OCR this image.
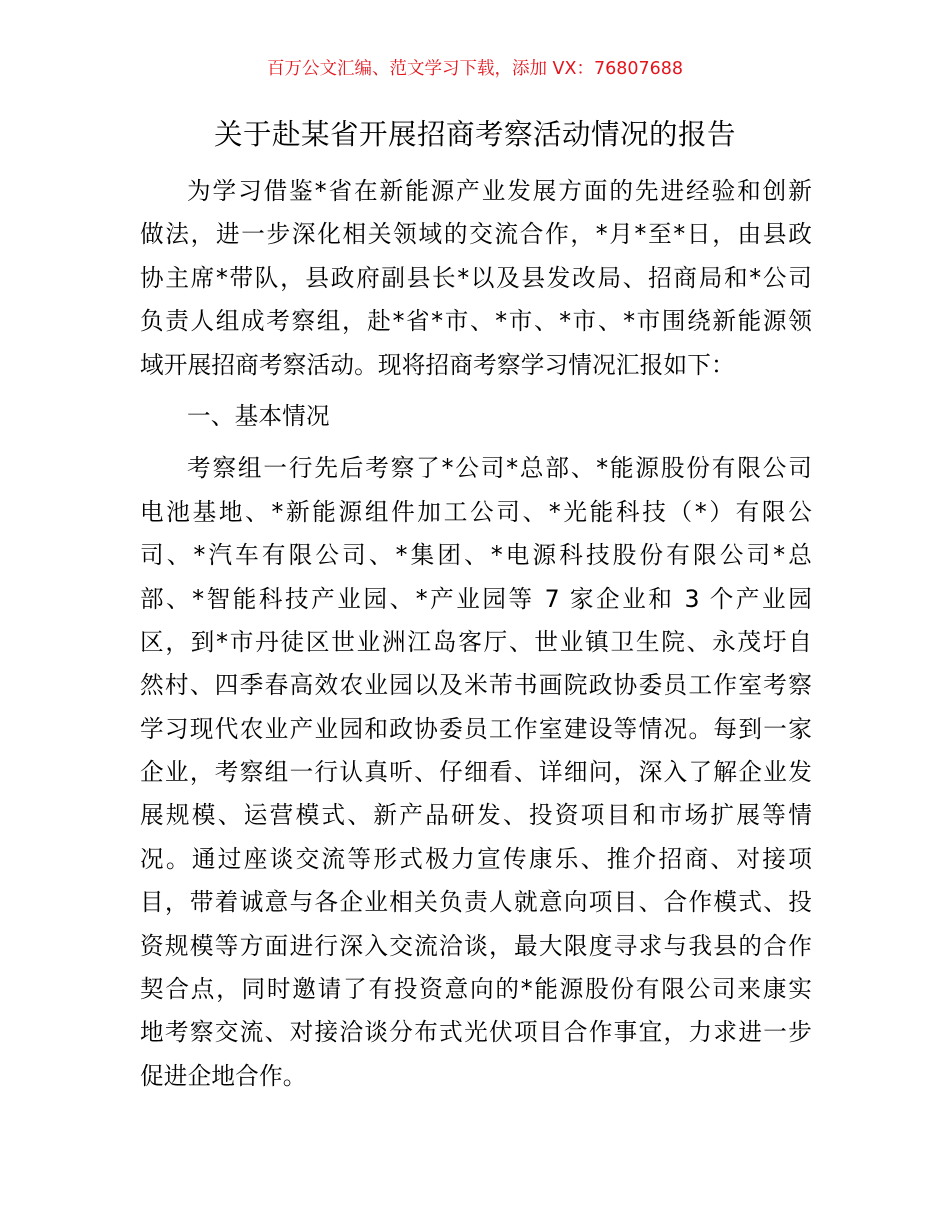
百万公文汇编、范文学习下载，添加 VX：76807688
关于赴某省开展招商考察活动情况的报告
为学习借鉴*省在新能源产业发展方面的先进经验和创新
做法，进一步深化相关领域的交流合作，*月*至*日，由县政
协主席*带队，县政府副县长*以及县发改局、招商局和*公司
负责人组成考察组，赴*省*市、*市、*市、*市围绕新能源领
域开展招商考察活动。现将招商考察学习情况汇报如下：
一、基本情况
考察组一行先后考察了*公司*总部、*能源股份有限公司
电池基地、*新能源组件加工公司、*光能科技（*）有限公
司、*汽车有限公司、*集团、*电源科技股份有限公司*总
部、*智能科技产业园、*产业园等 7 家企业和 3 个产业园
区，到*市丹徒区世业洲江岛客厅、世业镇卫生院、永茂圩自
然村、四季春高效农业园以及米芾书画院政协委员工作室考察
学习现代农业产业园和政协委员工作室建设等情况。每到一家
企业，考察组一行认真听、仔细看、详细问，深入了解企业发
展规模、运营模式、新产品研发、投资项目和市场扩展等情
况。通过座谈交流等形式极力宣传康乐、推介招商、对接项
目，带着诚意与各企业相关负责人就意向项目、合作模式、投
资规模等方面进行深入交流洽谈，最大限度寻求与我县的合作
契合点，同时邀请了有投资意向的*能源股份有限公司来康实
地考察交流、对接洽谈分布式光伏项目合作事宜，力求进一步
促进企地合作。
